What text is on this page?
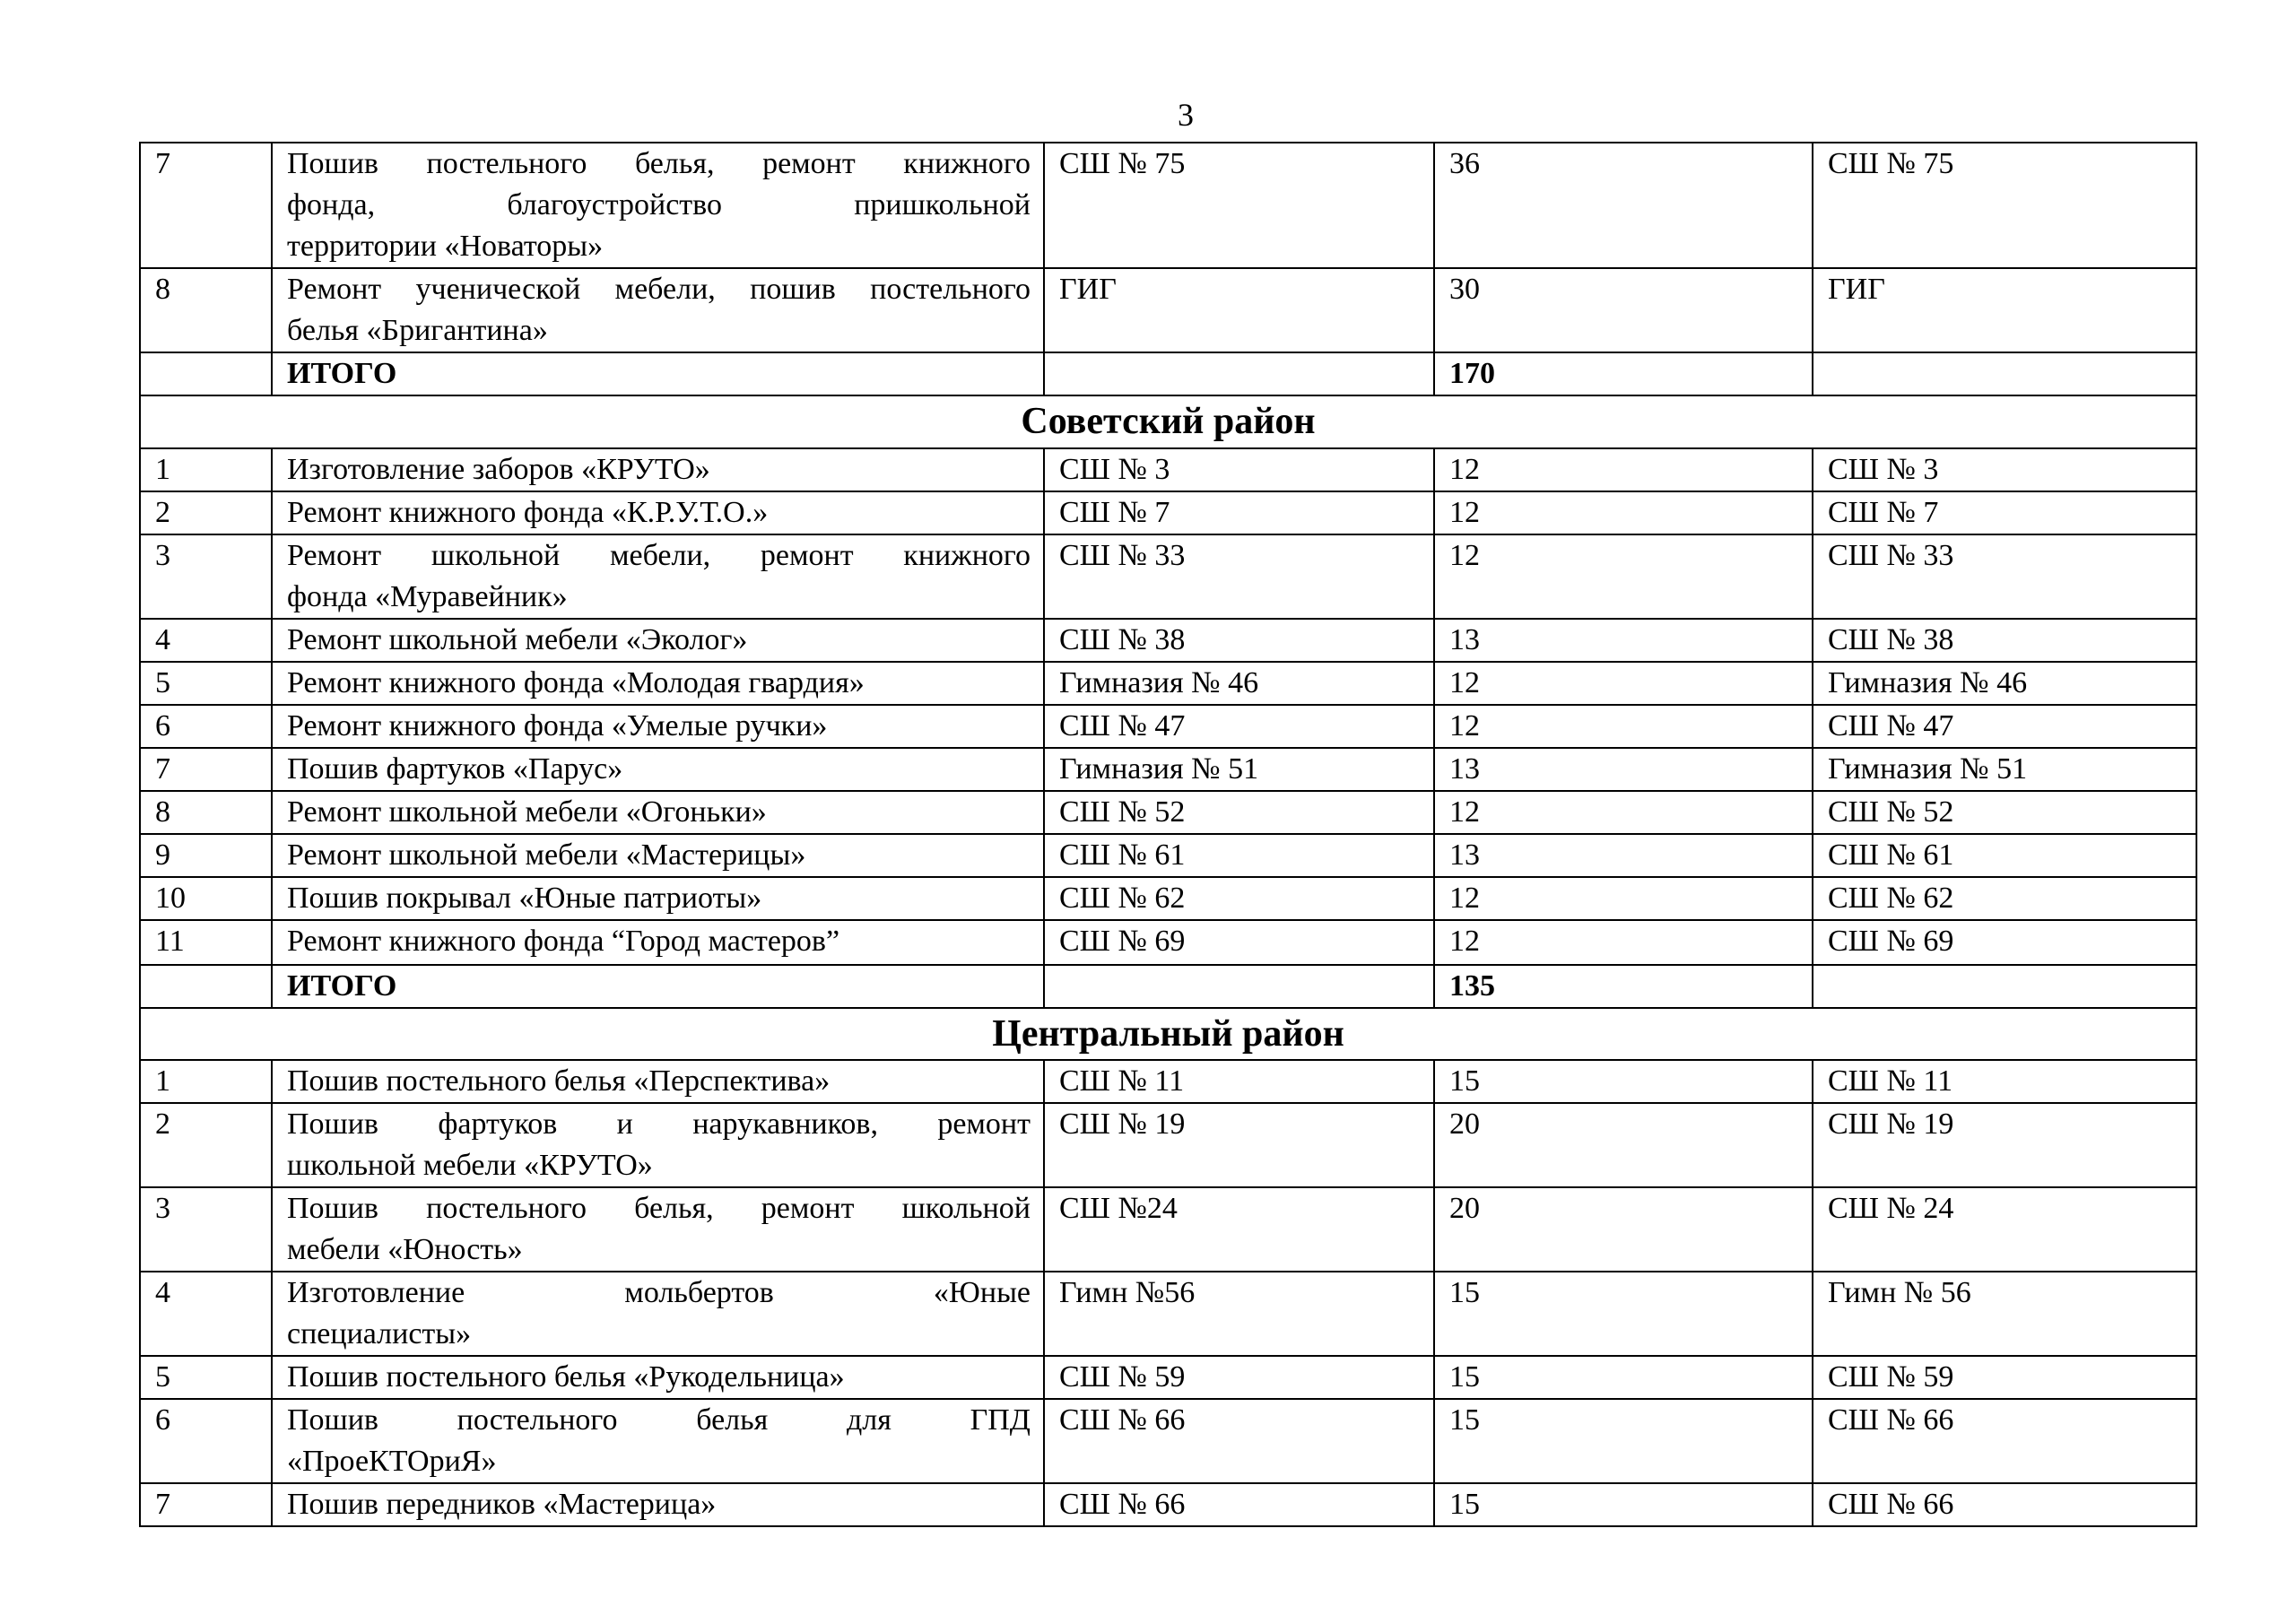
3
7	Пошив постельного белья, ремонт книжного
фонда, благоустройство пришкольной
территории «Новаторы»	СШ № 75	36	СШ № 75
8	Ремонт ученической мебели, пошив постельного
белья «Бригантина»	ГИГ	30	ГИГ
	ИТОГО		170	
Советский район				
1	Изготовление заборов «КРУТО»	СШ № 3	12	СШ № 3
2	Ремонт книжного фонда «К.Р.У.Т.О.»	СШ № 7	12	СШ № 7
3	Ремонт школьной мебели, ремонт книжного
фонда «Муравейник»	СШ № 33	12	СШ № 33
4	Ремонт школьной мебели «Эколог»	СШ № 38	13	СШ № 38
5	Ремонт книжного фонда «Молодая гвардия»	Гимназия № 46	12	Гимназия № 46
6	Ремонт книжного фонда «Умелые ручки»	СШ № 47	12	СШ № 47
7	Пошив фартуков «Парус»	Гимназия № 51	13	Гимназия № 51
8	Ремонт школьной мебели «Огоньки»	СШ № 52	12	СШ № 52
9	Ремонт школьной мебели «Мастерицы»	СШ № 61	13	СШ № 61
10	Пошив покрывал «Юные патриоты»	СШ № 62	12	СШ № 62
11	Ремонт книжного фонда “Город мастеров”	СШ № 69	12	СШ № 69
	ИТОГО		135	
Центральный район				
1	Пошив постельного белья «Перспектива»	СШ № 11	15	СШ № 11
2	Пошив фартуков и нарукавников, ремонт
школьной мебели «КРУТО»	СШ № 19	20	СШ № 19
3	Пошив постельного белья, ремонт школьной
мебели «Юность»	СШ №24	20	СШ № 24
4	Изготовление мольбертов «Юные
специалисты»	Гимн №56	15	Гимн № 56
5	Пошив постельного белья «Рукодельница»	СШ № 59	15	СШ № 59
6	Пошив постельного белья для ГПД
«ПроеКТОриЯ»	СШ № 66	15	СШ № 66
7	Пошив передников «Мастерица»	СШ № 66	15	СШ № 66
